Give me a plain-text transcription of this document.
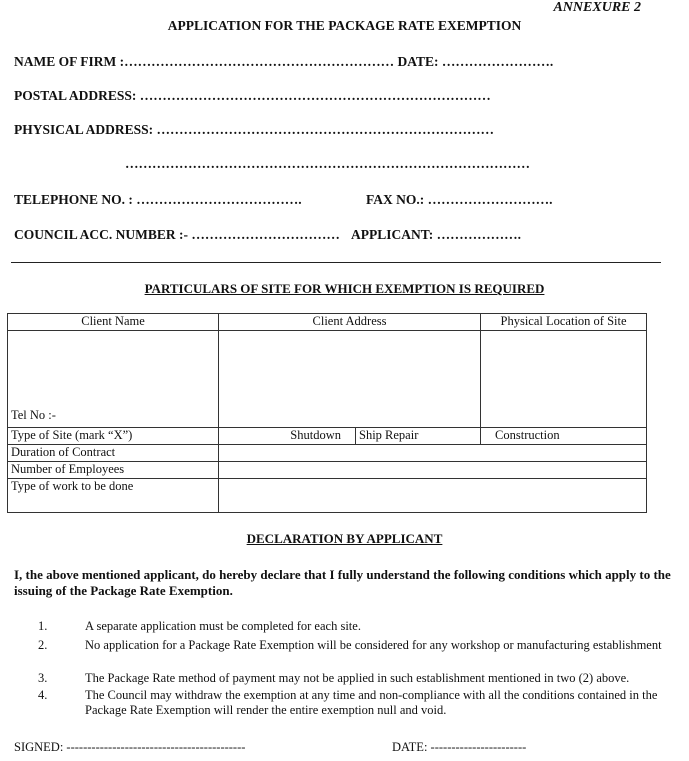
ANNEXURE 2
APPLICATION FOR THE PACKAGE RATE EXEMPTION
NAME OF FIRM :…………………………………………………… DATE: …………………….
POSTAL ADDRESS: ……………………………………………………………………
PHYSICAL ADDRESS: …………………………………………………………………
………………………………………………………………………………
TELEPHONE NO. : ……………………………….	FAX NO.: ……………………….
COUNCIL ACC. NUMBER :- …………………………… APPLICANT: ……………….
PARTICULARS OF SITE FOR WHICH EXEMPTION IS REQUIRED
Client Name	Client Address		Physical Location of Site
Tel No :-			
Type of Site (mark “X”)	Shutdown	Ship Repair	Construction
Duration of Contract			
Number of Employees			
Type of work to be done			
DECLARATION BY APPLICANT
I, the above mentioned applicant, do hereby declare that I fully understand the following conditions which apply to the issuing of the Package Rate Exemption.
1.	A separate application must be completed for each site.
2.	No application for a Package Rate Exemption will be considered for any workshop or manufacturing establishment
3.	The Package Rate method of payment may not be applied in such establishment mentioned in two (2) above.
4.	The Council may withdraw the exemption at any time and non-compliance with all the conditions contained in the Package Rate Exemption will render the entire exemption null and void.
SIGNED: -------------------------------------------	DATE: -----------------------
